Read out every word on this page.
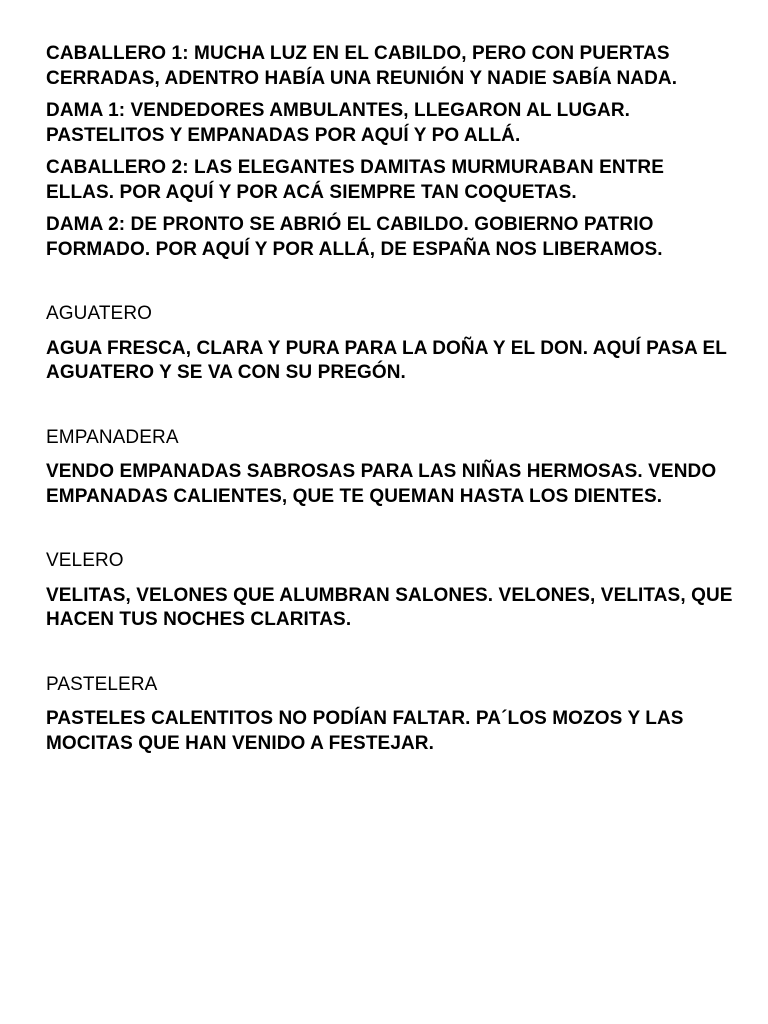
CABALLERO 1: MUCHA LUZ EN EL CABILDO, PERO CON PUERTAS CERRADAS, ADENTRO HABÍA UNA REUNIÓN Y NADIE SABÍA NADA.

DAMA 1: VENDEDORES AMBULANTES, LLEGARON AL LUGAR. PASTELITOS Y EMPANADAS POR AQUÍ Y PO ALLÁ.

CABALLERO 2: LAS ELEGANTES DAMITAS MURMURABAN ENTRE ELLAS. POR AQUÍ Y POR ACÁ SIEMPRE TAN COQUETAS.

DAMA 2: DE PRONTO SE ABRIÓ EL CABILDO. GOBIERNO PATRIO FORMADO. POR AQUÍ Y POR ALLÁ, DE ESPAÑA NOS LIBERAMOS.

AGUATERO

AGUA FRESCA, CLARA Y PURA PARA LA DOÑA Y EL DON. AQUÍ PASA EL AGUATERO Y SE VA CON SU PREGÓN.

EMPANADERA

VENDO EMPANADAS SABROSAS PARA LAS NIÑAS HERMOSAS. VENDO EMPANADAS CALIENTES, QUE TE QUEMAN HASTA LOS DIENTES.

VELERO

VELITAS, VELONES QUE ALUMBRAN SALONES. VELONES, VELITAS, QUE HACEN TUS NOCHES CLARITAS.

PASTELERA

PASTELES CALENTITOS NO PODÍAN FALTAR. PA´LOS MOZOS Y LAS MOCITAS QUE HAN VENIDO A FESTEJAR.
